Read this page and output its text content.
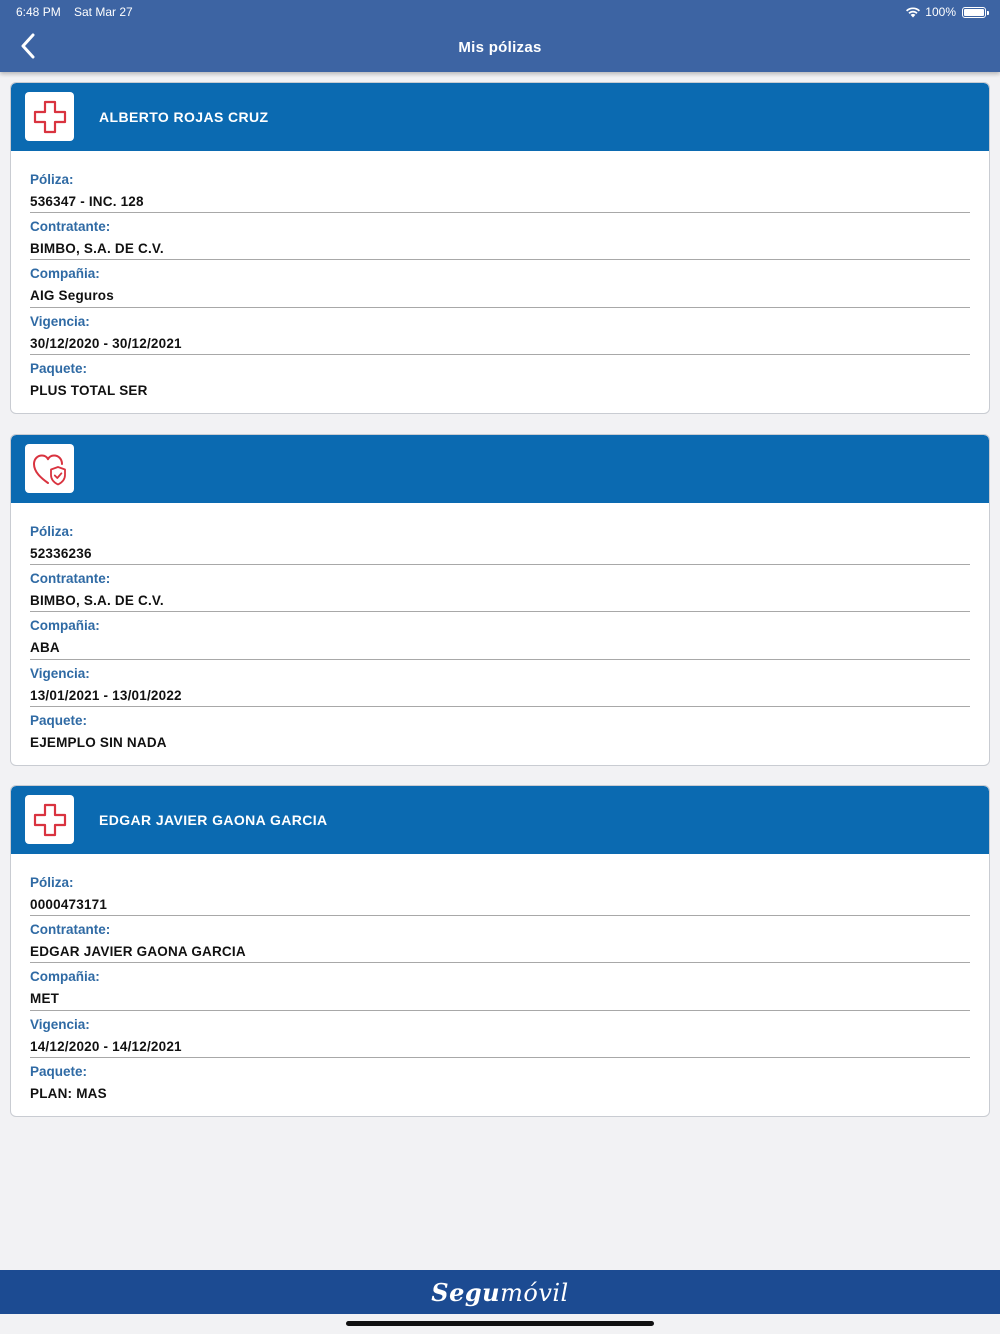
6:48 PM Sat Mar 27	100%
Mis pólizas
ALBERTO ROJAS CRUZ
Póliza:
536347 - INC. 128
Contratante:
BIMBO, S.A. DE C.V.
Compañia:
AIG Seguros
Vigencia:
30/12/2020 - 30/12/2021
Paquete:
PLUS TOTAL SER
Póliza:
52336236
Contratante:
BIMBO, S.A. DE C.V.
Compañia:
ABA
Vigencia:
13/01/2021 - 13/01/2022
Paquete:
EJEMPLO SIN NADA
EDGAR JAVIER GAONA GARCIA
Póliza:
0000473171
Contratante:
EDGAR JAVIER GAONA GARCIA
Compañia:
MET
Vigencia:
14/12/2020 - 14/12/2021
Paquete:
PLAN: MAS
Segumóvil
